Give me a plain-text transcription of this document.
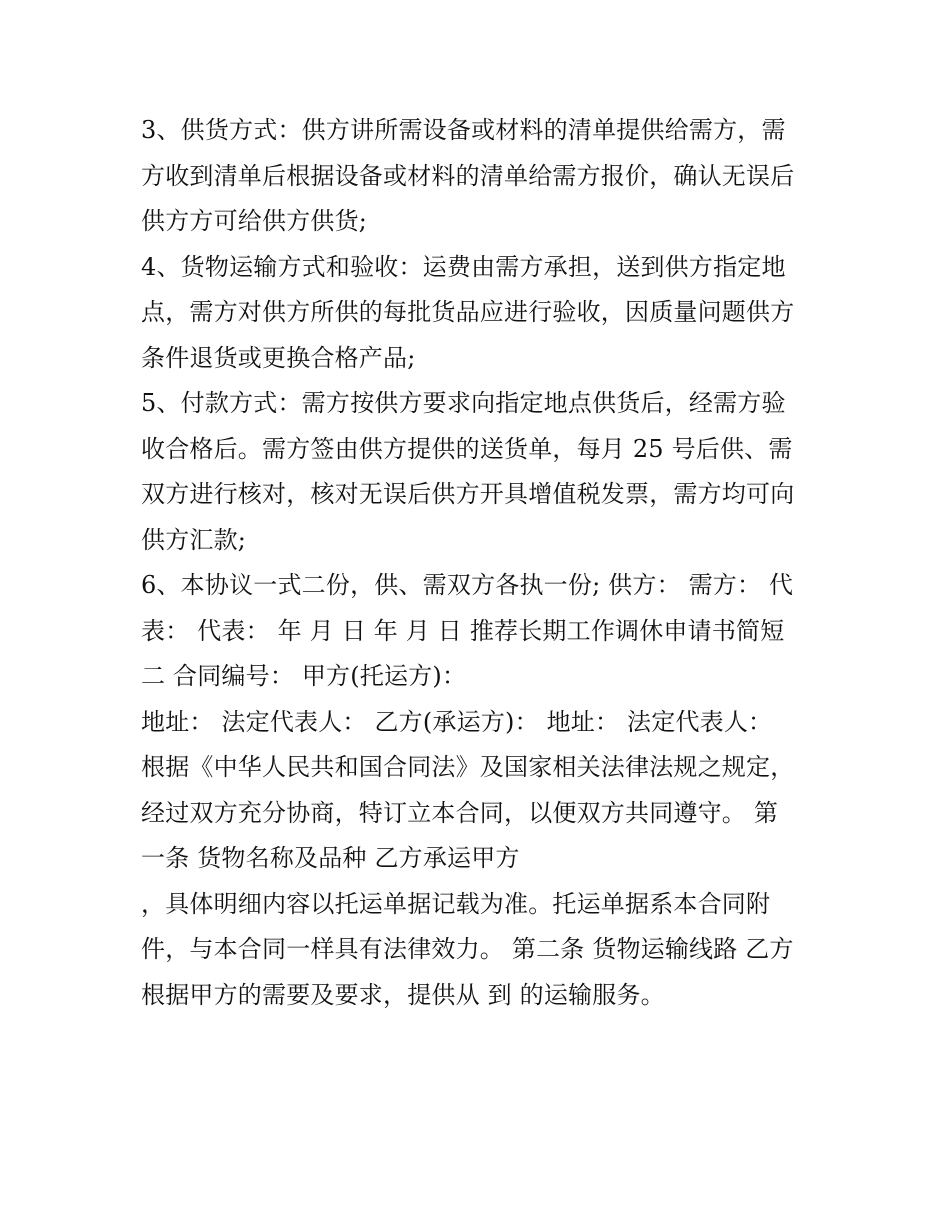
3、供货方式：供方讲所需设备或材料的清单提供给需方，需
方收到清单后根据设备或材料的清单给需方报价，确认无误后
供方方可给供方供货;
4、货物运输方式和验收：运费由需方承担，送到供方指定地
点，需方对供方所供的每批货品应进行验收，因质量问题供方
条件退货或更换合格产品;
5、付款方式：需方按供方要求向指定地点供货后，经需方验
收合格后。需方签由供方提供的送货单，每月 25 号后供、需
双方进行核对，核对无误后供方开具增值税发票，需方均可向
供方汇款;
6、本协议一式二份，供、需双方各执一份; 供方： 需方： 代
表： 代表： 年 月 日 年 月 日 推荐长期工作调休申请书简短
二 合同编号： 甲方(托运方)：
地址： 法定代表人： 乙方(承运方)： 地址： 法定代表人：
根据《中华人民共和国合同法》及国家相关法律法规之规定，
经过双方充分协商，特订立本合同，以便双方共同遵守。 第
一条 货物名称及品种 乙方承运甲方
，具体明细内容以托运单据记载为准。托运单据系本合同附
件，与本合同一样具有法律效力。 第二条 货物运输线路 乙方
根据甲方的需要及要求，提供从 到 的运输服务。
